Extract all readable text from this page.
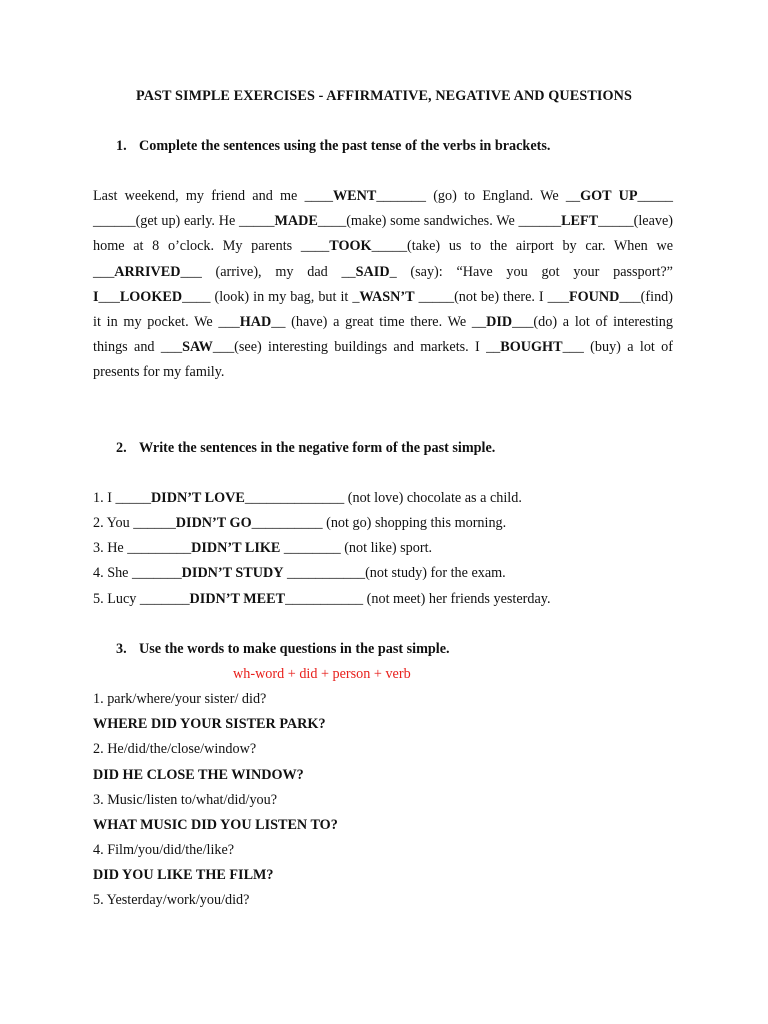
PAST SIMPLE EXERCISES - AFFIRMATIVE, NEGATIVE AND QUESTIONS
1. Complete the sentences using the past tense of the verbs in brackets.
Last weekend, my friend and me ____WENT_______ (go) to England. We __GOT UP_____ ______(get up) early. He _____MADE____(make) some sandwiches. We ______LEFT_____(leave) home at 8 o’clock. My parents ____TOOK_____(take) us to the airport by car. When we ___ARRIVED___ (arrive), my dad __SAID_ (say): “Have you got your passport?” I___LOOKED____ (look) in my bag, but it _WASN’T _____(not be) there. I ___FOUND___(find) it in my pocket. We ___HAD__ (have) a great time there. We __DID___(do) a lot of interesting things and ___SAW___(see) interesting buildings and markets. I __BOUGHT___ (buy) a lot of presents for my family.
2. Write the sentences in the negative form of the past simple.
1. I _____DIDN’T LOVE______________ (not love) chocolate as a child.
2. You ______DIDN’T GO__________ (not go) shopping this morning.
3. He _________DIDN’T LIKE ________ (not like) sport.
4. She _______DIDN’T STUDY ___________(not study) for the exam.
5. Lucy _______DIDN’T MEET___________ (not meet) her friends yesterday.
3. Use the words to make questions in the past simple.
wh-word + did + person + verb
1. park/where/your sister/ did?
WHERE DID YOUR SISTER PARK?
2. He/did/the/close/window?
DID HE CLOSE THE WINDOW?
3. Music/listen to/what/did/you?
WHAT MUSIC DID YOU LISTEN TO?
4. Film/you/did/the/like?
DID YOU LIKE THE FILM?
5. Yesterday/work/you/did?
